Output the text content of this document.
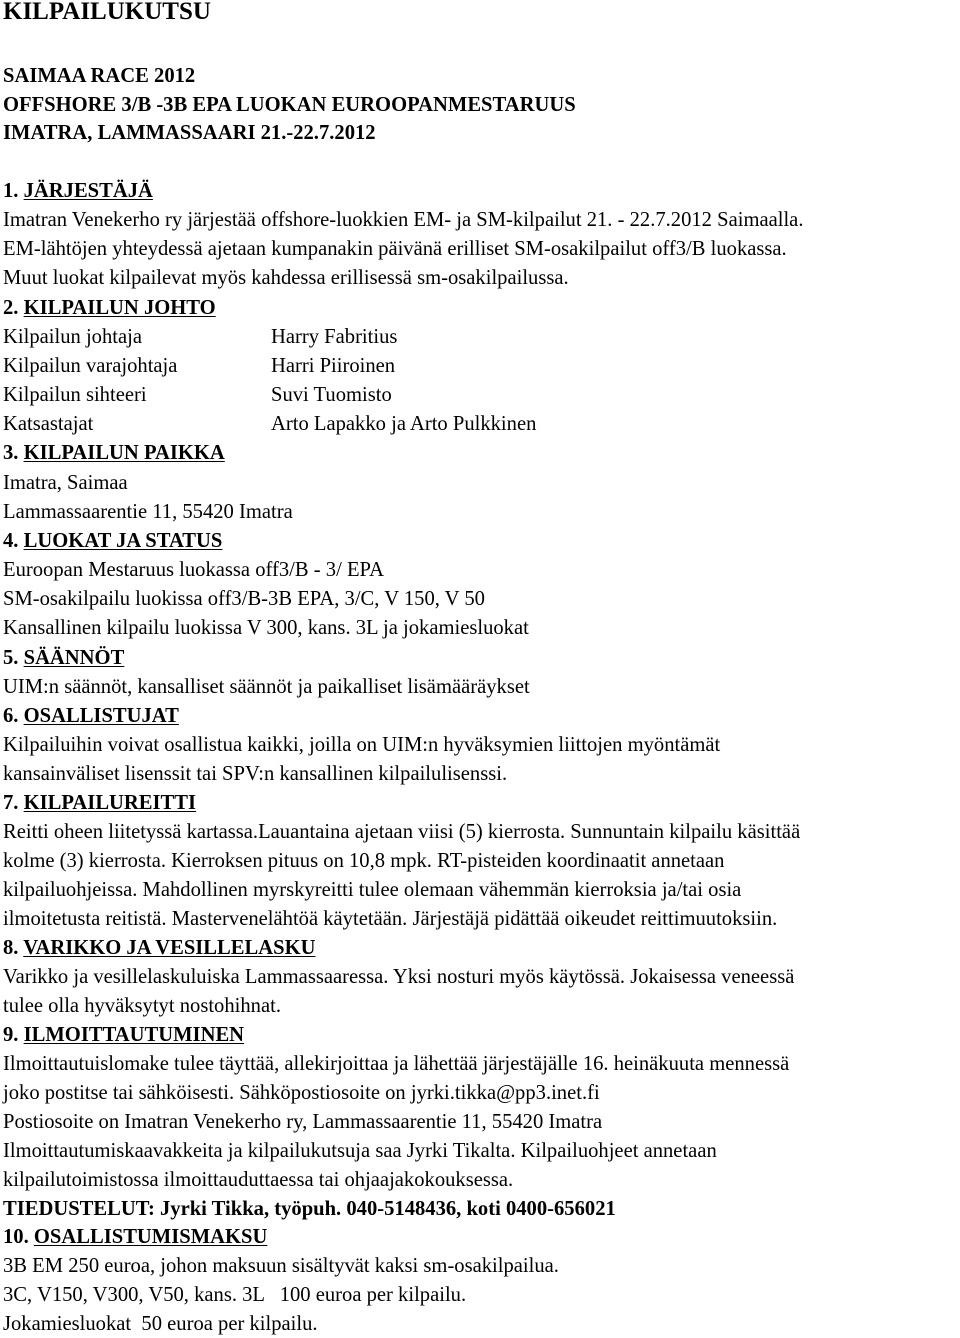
KILPAILUKUTSU
SAIMAA RACE 2012
OFFSHORE 3/B -3B EPA LUOKAN EUROOPANMESTARUUS
IMATRA, LAMMASSAARI 21.-22.7.2012
1. JÄRJESTÄJÄ
Imatran Venekerho ry järjestää offshore-luokkien EM- ja SM-kilpailut 21. - 22.7.2012 Saimaalla.
EM-lähtöjen yhteydessä ajetaan kumpanakin päivänä erilliset SM-osakilpailut off3/B luokassa.
Muut luokat kilpailevat myös kahdessa erillisessä sm-osakilpailussa.
2. KILPAILUN JOHTO
Kilpailun johtaja	Harry Fabritius
Kilpailun varajohtaja	Harri Piiroinen
Kilpailun sihteeri	Suvi Tuomisto
Katsastajat	Arto Lapakko ja Arto Pulkkinen
3. KILPAILUN PAIKKA
Imatra, Saimaa
Lammassaarentie 11, 55420 Imatra
4. LUOKAT JA STATUS
Euroopan Mestaruus luokassa off3/B - 3/ EPA
SM-osakilpailu luokissa off3/B-3B EPA, 3/C, V 150, V 50
Kansallinen kilpailu luokissa V 300, kans. 3L ja jokamiesluokat
5. SÄÄNNÖT
UIM:n säännöt, kansalliset säännöt ja paikalliset lisämääräykset
6. OSALLISTUJAT
Kilpailuihin voivat osallistua kaikki, joilla on UIM:n hyväksymien liittojen myöntämät
kansainväliset lisenssit tai SPV:n kansallinen kilpailulisenssi.
7. KILPAILUREITTI
Reitti oheen liitetyssä kartassa.Lauantaina ajetaan viisi (5) kierrosta. Sunnuntain kilpailu käsittää
kolme (3) kierrosta. Kierroksen pituus on 10,8 mpk. RT-pisteiden koordinaatit annetaan
kilpailuohjeissa. Mahdollinen myrskyreitti tulee olemaan vähemmän kierroksia ja/tai osia
ilmoitetusta reitistä. Mastervenelähtöä käytetään. Järjestäjä pidättää oikeudet reittimuutoksiin.
8. VARIKKO JA VESILLELASKU
Varikko ja vesillelaskuluiska Lammassaaressa. Yksi nosturi myös käytössä. Jokaisessa veneessä
tulee olla hyväksytyt nostohihnat.
9. ILMOITTAUTUMINEN
Ilmoittautuislomake tulee täyttää, allekirjoittaa ja lähettää järjestäjälle 16. heinäkuuta mennessä
joko postitse tai sähköisesti. Sähköpostiosoite on jyrki.tikka@pp3.inet.fi
Postiosoite on Imatran Venekerho ry, Lammassaarentie 11, 55420 Imatra
Ilmoittautumiskaavakkeita ja kilpailukutsuja saa Jyrki Tikalta. Kilpailuohjeet annetaan
kilpailutoimistossa ilmoittauduttaessa tai ohjaajakokouksessa.
TIEDUSTELUT: Jyrki Tikka, työpuh. 040-5148436, koti 0400-656021
10. OSALLISTUMISMAKSU
3B EM 250 euroa, johon maksuun sisältyvät kaksi sm-osakilpailua.
3C, V150, V300, V50, kans. 3L   100 euroa per kilpailu.
Jokamiesluokat  50 euroa per kilpailu.
